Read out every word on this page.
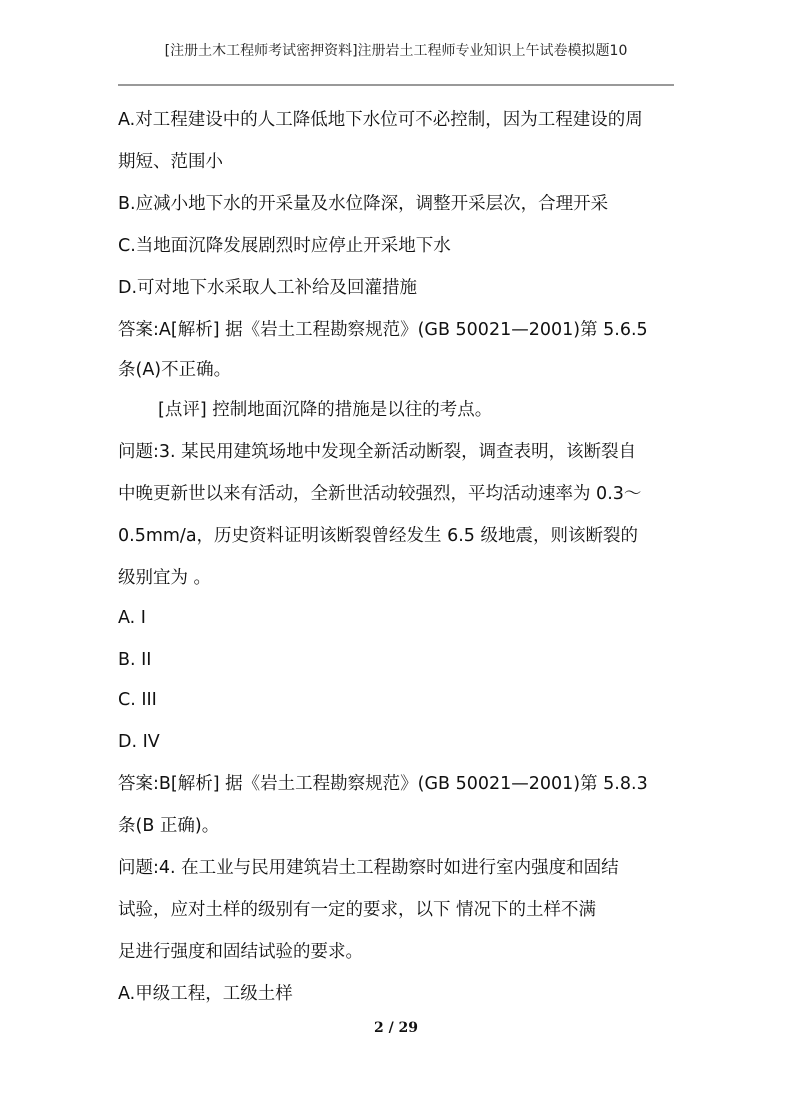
[注册土木工程师考试密押资料]注册岩土工程师专业知识上午试卷模拟题10
A.对工程建设中的人工降低地下水位可不必控制，因为工程建设的周
期短、范围小
B.应减小地下水的开采量及水位降深，调整开采层次，合理开采
C.当地面沉降发展剧烈时应停止开采地下水
D.可对地下水采取人工补给及回灌措施
答案:A[解析] 据《岩土工程勘察规范》(GB 50021—2001)第 5.6.5
条(A)不正确。
[点评] 控制地面沉降的措施是以往的考点。
问题:3. 某民用建筑场地中发现全新活动断裂，调查表明，该断裂自
中晚更新世以来有活动，全新世活动较强烈，平均活动速率为 0.3～
0.5mm/a，历史资料证明该断裂曾经发生 6.5 级地震，则该断裂的
级别宜为 。
A. I
B. II
C. III
D. IV
答案:B[解析] 据《岩土工程勘察规范》(GB 50021—2001)第 5.8.3
条(B 正确)。
问题:4. 在工业与民用建筑岩土工程勘察时如进行室内强度和固结
试验，应对土样的级别有一定的要求，以下 情况下的土样不满
足进行强度和固结试验的要求。
A.甲级工程，工级土样
2 / 29
